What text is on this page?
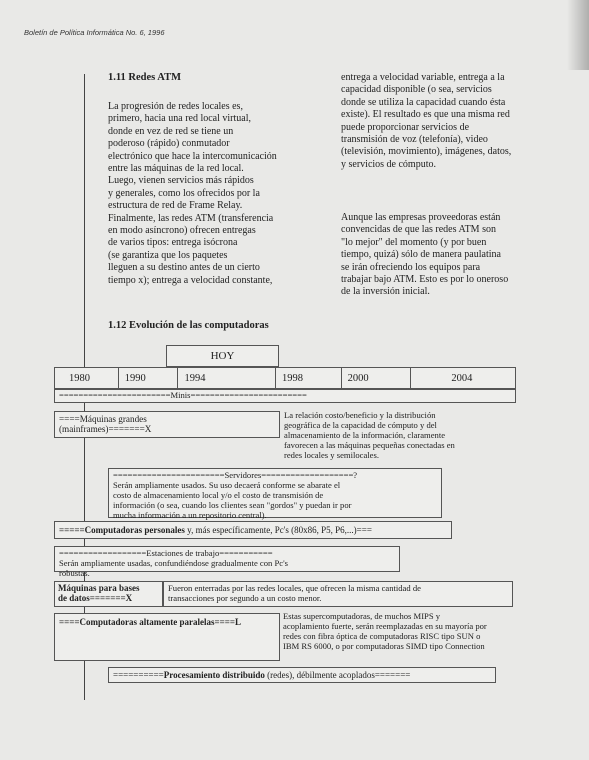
Boletín de Política Informática No. 6, 1996
1.11 Redes ATM
La progresión de redes locales es,
primero, hacia una red local virtual,
donde en vez de red se tiene un
poderoso (rápido) conmutador
electrónico que hace la intercomunicación
entre las máquinas de la red local.
Luego, vienen servicios más rápidos
y generales, como los ofrecidos por la
estructura de red de Frame Relay.
Finalmente, las redes ATM (transferencia
en modo asíncrono) ofrecen entregas
de varios tipos: entrega isócrona
(se garantiza que los paquetes
lleguen a su destino antes de un cierto
tiempo x); entrega a velocidad constante,
entrega a velocidad variable, entrega a la
capacidad disponible (o sea, servicios
donde se utiliza la capacidad cuando ésta
existe). El resultado es que una misma red
puede proporcionar servicios de
transmisión de voz (telefonía), video
(televisión, movimiento), imágenes, datos,
y servicios de cómputo.
Aunque las empresas proveedoras están
convencidas de que las redes ATM son
"lo mejor" del momento (y por buen
tiempo, quizá) sólo de manera paulatina
se irán ofreciendo los equipos para
trabajar bajo ATM. Esto es por lo oneroso
de la inversión inicial.
1.12 Evolución de las computadoras
HOY
1980	1990	1994	1998	2000	2004
=======================Minis========================
====Máquinas grandes
(mainframes)=======X
La relación costo/beneficio y la distribución
geográfica de la capacidad de cómputo y del
almacenamiento de la información, claramente
favorecen a las máquinas pequeñas conectadas en
redes locales y semilocales.
=======================Servidores===================?
Serán ampliamente usados. Su uso decaerá conforme se abarate el
costo de almacenamiento local y/o el costo de transmisión de
información (o sea, cuando los clientes sean "gordos" y puedan ir por
mucha información a un repositorio central).
=====Computadoras personales y, más específicamente, Pc's (80x86, P5, P6,...)===
==================Estaciones de trabajo===========
Serán ampliamente usadas, confundiéndose gradualmente con Pc's
robustas.
Máquinas para bases
de datos=======X
Fueron enterradas por las redes locales, que ofrecen la misma cantidad de
transacciones por segundo a un costo menor.
====Computadoras altamente paralelas====L
Estas supercomputadoras, de muchos MIPS y
acoplamiento fuerte, serán reemplazadas en su mayoría por
redes con fibra óptica de computadoras RISC tipo SUN o
IBM RS 6000, o por computadoras SIMD tipo Connection
==========Procesamiento distribuido (redes), débilmente acoplados=======
